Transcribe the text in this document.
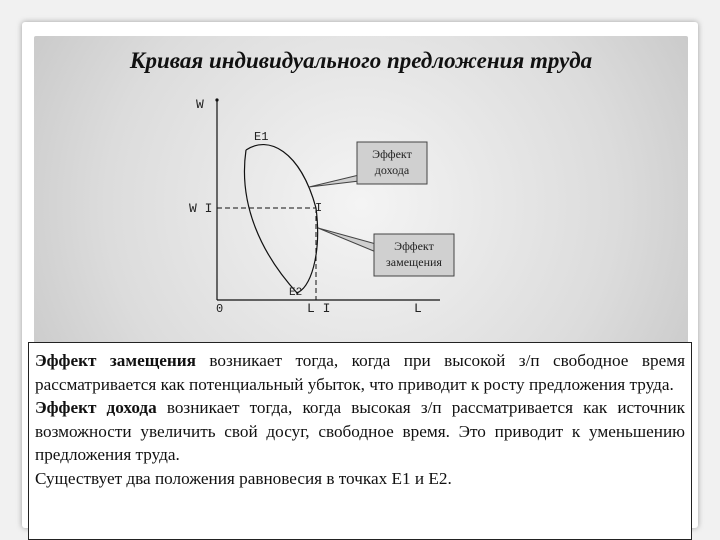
Кривая индивидуального предложения труда
W
L
0
W I
L I
E1
E2
I
Эффект
дохода
Эффект
замещения

Эффект замещения возникает тогда, когда при высокой з/п свободное время рассматривается как потенциальный убыток, что приводит к росту предложения труда.

Эффект дохода возникает тогда, когда высокая з/п рассматривается как источник возможности увеличить свой досуг, свободное время. Это приводит к уменьшению предложения труда.

Существует два положения равновесия в точках Е1 и Е2.
